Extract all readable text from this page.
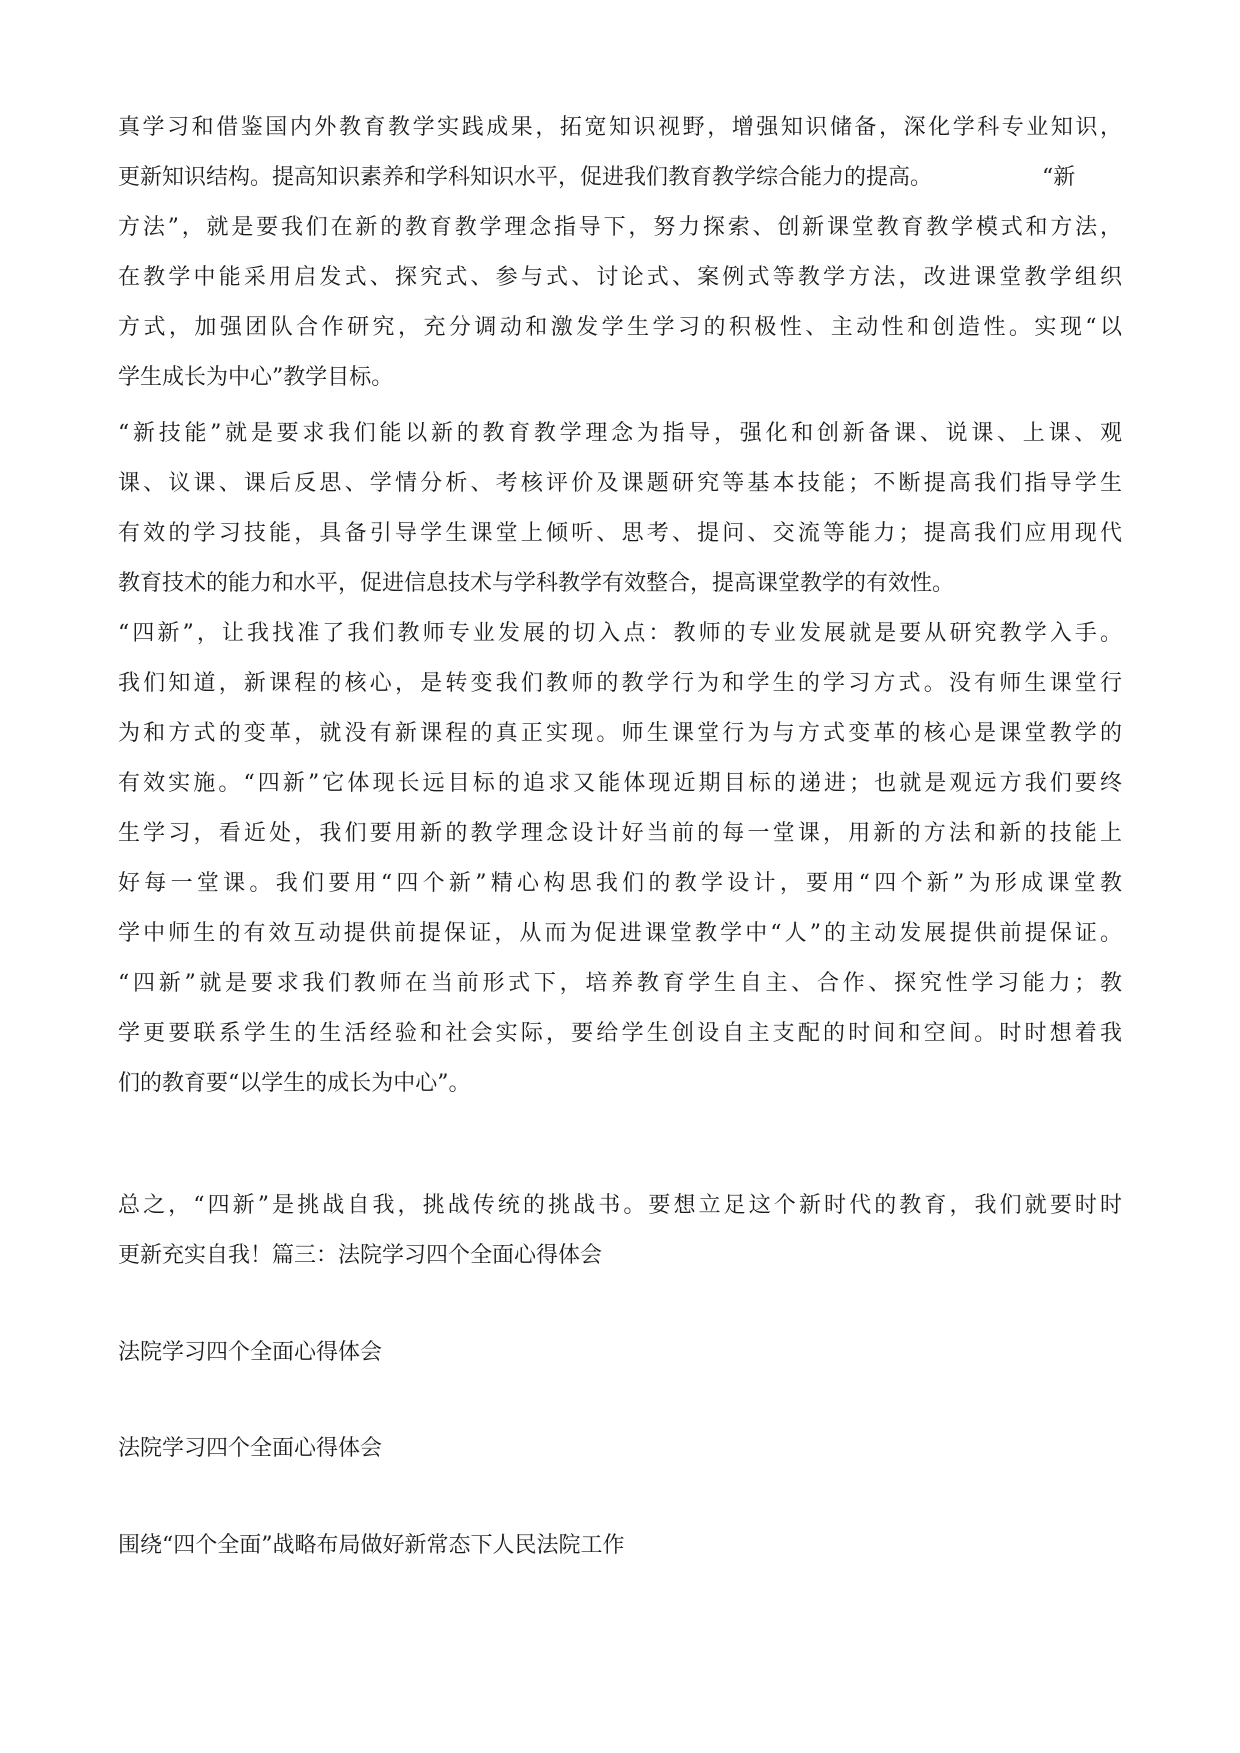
真学习和借鉴国内外教育教学实践成果，拓宽知识视野，增强知识储备，深化学科专业知识，
更新知识结构。提高知识素养和学科知识水平，促进我们教育教学综合能力的提高。	“新
方法”，就是要我们在新的教育教学理念指导下，努力探索、创新课堂教育教学模式和方法，
在教学中能采用启发式、探究式、参与式、讨论式、案例式等教学方法，改进课堂教学组织
方式，加强团队合作研究，充分调动和激发学生学习的积极性、主动性和创造性。实现“以
学生成长为中心”教学目标。
“新技能”就是要求我们能以新的教育教学理念为指导，强化和创新备课、说课、上课、观
课、议课、课后反思、学情分析、考核评价及课题研究等基本技能；不断提高我们指导学生
有效的学习技能，具备引导学生课堂上倾听、思考、提问、交流等能力；提高我们应用现代
教育技术的能力和水平，促进信息技术与学科教学有效整合，提高课堂教学的有效性。
“四新”，让我找准了我们教师专业发展的切入点：教师的专业发展就是要从研究教学入手。
我们知道，新课程的核心，是转变我们教师的教学行为和学生的学习方式。没有师生课堂行
为和方式的变革，就没有新课程的真正实现。师生课堂行为与方式变革的核心是课堂教学的
有效实施。“四新”它体现长远目标的追求又能体现近期目标的递进；也就是观远方我们要终
生学习，看近处，我们要用新的教学理念设计好当前的每一堂课，用新的方法和新的技能上
好每一堂课。我们要用“四个新”精心构思我们的教学设计，要用“四个新”为形成课堂教
学中师生的有效互动提供前提保证，从而为促进课堂教学中“人”的主动发展提供前提保证。
“四新”就是要求我们教师在当前形式下，培养教育学生自主、合作、探究性学习能力；教
学更要联系学生的生活经验和社会实际，要给学生创设自主支配的时间和空间。时时想着我
们的教育要“以学生的成长为中心”。
总之，“四新”是挑战自我，挑战传统的挑战书。要想立足这个新时代的教育，我们就要时时
更新充实自我！篇三：法院学习四个全面心得体会
法院学习四个全面心得体会
法院学习四个全面心得体会
围绕“四个全面”战略布局做好新常态下人民法院工作
